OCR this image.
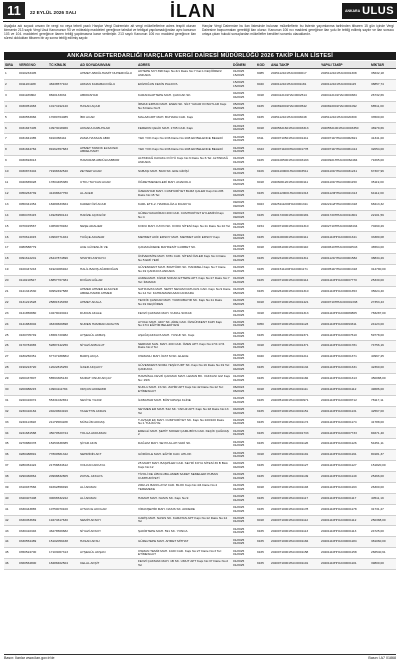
11	22 EYLÜL 2026 SALI	İLAN	ANKARA ULUS

Aşağıda adı soyadı unvanı ile vergi no veya tebeti yazılı Harçlar Vergi Dairemizin ait vergi mükelleflerine adres tespiti olunan kimsenin 213 sayılı Vergi Usul Kanununun 93 ve müteakip maddeleri gereğince tahsilat ve tebligat yapılamadığından aynı kanunun 103 ve 104. maddeleri gereğince ilanen tebliğ yapılmasına karar verilmiştir. 213 sayılı Kanunun 106 ncı maddesi gereğince ilan süresi dolduktan itibaren bir ay sonra tebliğ edilmiş sayılır.

Harçlar Vergi Dairemize bu ilan listesinde bulunan mükelleflerin bu listenin yayımlanma tarihinden itibaren 15 gün içinde Vergi Dairesine başvurmaları gerektiği ilan olunur. Kanunun 106 ncı maddesi gereğince ilan yolu ile tebliğ edilmiş sayılır ve ilan sonucu ortaya çıkan hukuki sonuçlardan mükellefler kendileri sorumlu olacaklardır.

ANKARA DEFTERDARLIĞI HARÇLAR VERGİ DAİRESİ MÜDÜRLÜĞÜ 2026 TAKİP İLAN LİSTESİ
SIRA	VERGİ NO	TC KİMLİK	AD SOYAD/UNVAN	ADRES	DÖNEM	KOD	ANA TAKİP	YAPILI TAKİP	MİKTAR
1	0010233405		AHMET ABDÜLHAMİT NUHEROĞLU	AKTEPE M.H 398 Kapı No:4/1 Daire No:7 Kat:1 KEÇİÖREN/ ANKARA	01/2025 15/2025	9085	2025112101HAC0000017	2025112101HAC0001308	35632,18
2	0011201188	48438577102	ADNAN KARABACOĞLU	EKİZOĞUN FEKİN PALDIYA	15/2025 15/2025	9040	2020112101HAC0001181	2020112101HAC0001115	38857,74
3	0021189802	8820133034	ABDIRAHAD	KARANGAPTEPE MAH. ÇAKCAK SK.	04/2025 04/2025	3018	2020412101HAC0002514	2020412101HAC0000384	26732,66
4	0030051983	10174192120	HASAN AÇAR	İRMAK ERHAN MAH. ESEN SK. SİLT YAKAR KONUTLAR Kapı No:6 Daire No:5	05/2025 05/2025	9165	2020692001HAC0000542	2020822001HAC0001092	68511,00
5	0030553966	17080764085	İBO ACAR	MALAZGIRT MAH. BUHARA CAD. Kapı	04/2025 04/2025	9165	2025112101HAC0003048	2025112101HAC0020309	33500,00
6	0031847405	10973018966	AKNAKA KABUHLAR	FEREKIN ÇELİK MAH. 1795 CAD. Kapı	01/2023 04/2025	9018	20205621601HAC0003313	20205521001HAC0003350	46979,66
7	0031841385	6910458442	ZAMA HASSAN ABDI	YEK YOK Kapı No:1/36 Daire No:10/8 ER BELENCE BELEDİ	01/2025 01/2025	9311	20200710501HAC0001411	20200711HHAC00062821	41341,00
8	0031844784	89162357683	AHMET TAWFIK ELSAYED ABDELHAMY	YEK YOK Kapı No:1/36 Daire No:10/8 ER BELENCE BELEDİ	01/2025 01/2025	9343	20200711000HAC0001778	20200711HHAC00061414	32054,00
9	0030693013		HAMURAB ABDÜLKABBOR	ALTINDAĞ KAVAKLI KÖYÜ Kapı No:6 Daire No:6 Tel: ALTINDAĞ ANKARA	01/2025 01/2025	9165	20201005001HAC0003193	20200921HHAC00062484	71665,00
10	0030873404	71998332540	ZEYNEP ACAR	SUBAŞI MAH. 5020 SK. EFE GİRİŞİ	01/2025 01/2025	9106	20201100001HAC0003511	20201101HHAC00031241	67307,96
11	0040665028	17804465386	UTKU TAYCAN ACAR	ÖĞRETMENEVLERİ MAH. ANADOLU	01/2023 03/2025	9018	20206061201HAC0000111	20201101HHAC00001150	35119,00
12	0050263739	41298627750	AL ACER	ÜZERAHAR MAH. CUMHURİYET BLMZ ÇALER Kapı No:205 Daire No:15 Tel	04/2025 04/2025	9165	20201120001HAC0001313	20201120HHAC00021313	64112,00
13	0050341354	18480633664	KADER ÖZİ ACAR	KARL ETK-2. HARDALÜZ-A DUAKIYA	09/2025 09/2025	9023	20225111200HAC0001311	20222112HHAC00001318	68413,32
14	0060478415	14926950144	HAFİZE AÇIKGÖZ	GÜZELYAKAKİRAN 400 CAD. CUMHURİYET EYLEMİNİ Kapı No:4	09/2023 09/2025	9165	20201720001HAC0000181	20201720HHAC00011801	22101,59
15	0070015567	10650079932	NEŞE ADALIER	KORU MAH. KAYIN SK. KORU SİTESİ Kapı No:11 Daire No:10 Tel	01/2025 01/2025	9154	20200710001HAC0001310	20202710HHAC00048434	70290,29
16	0070614015	10960771464	TUĞÇE ADANAR	MEHMET AKİF ERSOY MAH. MEHMET AKİF ERSOY Kapı	01/2024 04/2025	9165	20231000001HAC0000111	20201110HHAC00001341	33380,08
17	0080588779		ACE GÜVENLİK VE	ÇANAKLİDERE MAHKESİT GURBET SK.	01/2025 01/2025	9018	20200610001HAC0000110	20200610HHAC00002543	46564,00
18	0091612201	26447874896	SHAHIN ASHAYCI	ÜNİVERSİTE MAH. 6781 CAD. SİTESİ ÖZLER Kapı No:4 Daire No:5 EMİ YERİ	01/2025 01/2025	9165	20202310001HAC0001311	20201121HHAC00001582	38834,29
19	0100447243	61924066922	HALİL BARIŞ AĞIRDOĞAN	GÜVENKENT MAH. BOZTÜRK SK. HANIMELİ Kapı No:7 Daire No:19 ÇANKAYA ANKARA	01/2025 01/2025	9165	20201511100HAC0001171	20200511HHAC00001318	314790,00
20	0110218527	18857767384	DOĞAN AĞLAR	AURELMAH. KİZAR SOKAK ETTEPE APT. Kapı No:17 Daire No:7 Tel: İMAMAK	01/2025 01/2025	9165	20200710001HAC0000114	20201110HHAC00007770	25330,00
21	0121341530	90952497588	AHMED AHMED ELSAYED ABDELHAMID AHMED	SATIKAVAS MAH. SEHIT NEVAM DATLIGIS CAD. Kapı No:9 Daire No:14 Tel: KAHRAMANKAZAN ANKARA	01/2025 05/2025	9165	20202610001HAC0001310	20201110HHAC00001353	35624,40
22	0131221528	25881515458	AHMET AKALA	TEVFİK ÇANKAR MAH. YURDUBAYIR SK. Kapı No:11 Daire No:19 KEÇİÖREN	01/2025 06/2025	9018	20200710001HAC0001421	20200710HHAC00001338	27353,43
23	0141856880	10279043024	DURAN AKALE	FEVZİ ÇAKMAK MAH. VURAL SOKAK	01/2025 01/2025	3018	20200710001HAC0001313	20201110HHAC00080865	783287,00
24	0141883002	46339609898	NUREN HAMMAD ARALTIN	AYVALI MAH. 4407 SK. AİDE CAD. ÖZGÜNKENT KAPI Kapı No:17/4 EĞİTİM BELEDİYESİ	01/2025 01/2025	9050	20200710001HAC0001123	20201110HHAC00093311	24123,00
25	0160705749	16581720982	AYŞEGÜL AKBAŞ	AŞAĞIÇAKKAYA MAH. YUSUF SK. Kapı	01/2025 01/2025	9165	20200610001HAC0002371	20201110HHAC00007610	59778,00
26	0170784965	52887442256	NİYAZİ AKBULUT	SERDAR SAN. MAH. 400 CAD. ÖZEN APT. Kapı No:17/4 17/4 Daire No:2 Tel	01/2025 01/2025	3018	20200710001HAC0001371	20201110HHAC00001781	74756,16
27	0180250351	6774718888/2	BARIŞ AKÇA	OSMANLI MAH. İRAT M.SK. ELECE	01/2025 01/2025	9040	20200710001HAC0001211	20201110HHAC00001371	40967,25
28	0190223720	12022815256	İLKER AKÇAOY	GÜVENKENT-SOMA YEŞİLYURT SK. Kapı No:19 Daire No:19 Tel: ÇANKAYA	04/2025 04/2025	9165	20200710001HAC0001134	20201110HHAC00001331	42360,00
29	0200437807	58593305130	MURAT ONUR AKÇAY	HAMSİSAL FEVZİ ÇAKMAK MAH. LEMAN BK. VAKKASI GIZ Kapı No: 29/6	01/2025 01/2025	9165	20200710001HAC0001182	20201110HHAC00001313	450088,00
30	0200988215	10904111784	ORÇUN AKDEMIR	NUFLU MAH. 1S SK. ZAHİR APT Kapı No:42 Daire No:12 Tel: ETİMESGUT	06/2023 06/2025	9018	20230510001HAC0001111	20201110HHAC00001112	49686,00
31	0220416072	55331032654	SEVİYE YILDIZ	İLKBAHAR MAH. BÜNYAPAŞA KLİNE	01/2025 01/2025	9165	20200510001HAC0000971	20201110HHAC00009712	78117,11
32	0230410184	24020664916	TAGETTIN AKDAS	SEYMEN ER MAH. 542 SK. YAKUZ APT. Kapı No:18 Daire No:13 Tel	04/2025 04/2025	9165	20200710001HAC0001151	20201110HHAC00001131	42567,00
33	0240113818	21179584188	MÜSLÜM AKDAŞ	T-AVŞAR EK MAH. CUMHURİYET SK. Kapı No:100/100 Daire No:1 TÜLİKÜYE	01/2025 01/2025	9165	20200710001HAC0001174	20201110HHAC00001174	41788,00
34	0241681588	45070520724	TOLGA AKDUMAN	EREGLİ MAH. ŞEHİT SOKER ÇAMLIBİYA CAD. KEÇİK ÇAĞDAŞ 2	01/2025 01/2025	9165	20200710001HAC0001733	20201110HHAC00007733	84671,40
35	0270880378	15253638385	ŞİYAR AKIN	DAĞLIM MAH. SEYFULLAH VADİ SK.	01/2025 01/2025	9165	20200710001HAC0001126	20201110HHAC00001126	54451,11
36	0280488891	77800581342	SEHRİDİN AKT	GÖRÜKLE MAH. EĞTİR CAD. AHLOK	01/2025 01/2025	3018	20200710001HAC0001191	20201110HHAC00001191	80181,37
37	0280454422	21758834612	VOLKAN AKKAYA	25 MART MAH. BAŞPİLER CAD. SEYRİ KOYA SİTESİ 36 B Blok Kapı No:12	04/2025 04/2025	9165	20200710001HAC0001127	20201110HHAC00001127	151820,00
38	0290460864	20998832805	ZUHAL AKKAYA	TİVOLİ DE LİBOLUBA-AMEB SADET SEMELERI PUBAN CUMHURİYETİ	01/2025 01/2025	9165	20200710001HAC0001149	20201110HHAC00001149	25466,00
39	0310037566	91662858496	ALİ AKMAN	2002-21 BAKKLAYIZ CAD. BLOK Kapı No:4/4 Daire No:4 TEREMEKE	01/2025 01/2025	9018	20200710001HAC0001193	20201110HHAC00001193	26300,00
40	0320407408	30066532222	ALİ AKMAN	HAMAH MAH. NASIS SK. Kapı No:9	01/2025 01/2025	9165	20200710001HAC0001117	20201110HHAC00001117	40511,19
41	0330443865	10750070100	AYSUN E AKOLAR	VİRANŞEHİR MAH. NASIS SK. AKDERE	01/2025 01/2025	9165	20200710001HAC0001178	20201110HHAC00001178	31731,27
42	0330453669	19474617630	SEMİH AKSOY	CARİŞ MAH. NASIS SK. KARATAS APT Kapı No:12 Daire No:12 Tel	01/2025 01/2025	9018	20200710001HAC0001112	20201110HHAC00001112	250388,00
43	0330410346	46278569682	NİYAZİ AKSOY	ŞAKİRTEPE MAH. 591 SK. YONCA	01/2025 01/2025	9165	20200710001HAC0001113	20201110HHAC00001113	24725,00
44	0330554489	15102059438	HASAN AKSU	GÜZELTEPE MAH. AHMET MİTHAT	01/2025 01/2025	9165	20200710001HAC0001184	20201110HHAC00001184	381060,00
45	0350524700	17103067313	AYŞEGÜL AKŞAN	OSMAN TEMİZ MAH. 1020 CAD. Kapı No:27 Daire No:3 Tel: ETİMESGUT	01/2025 01/2025	9165	20200710001HAC0001158	20201110HHAC00001158	266540,91
46	0360564800	18488402504	CELAL AKŞİT	FEVZİ ÇAKMAK MAH. 1B SK. UMUT APT Kapı No:37 Daire No:2 Tel	01/2025 01/2025	9165	20200710001HAC0001101	20201110HHAC00001101	39800,00
Basın: İlanlar www.ilan.gov.tr'de	Basın İ.A7 01868
